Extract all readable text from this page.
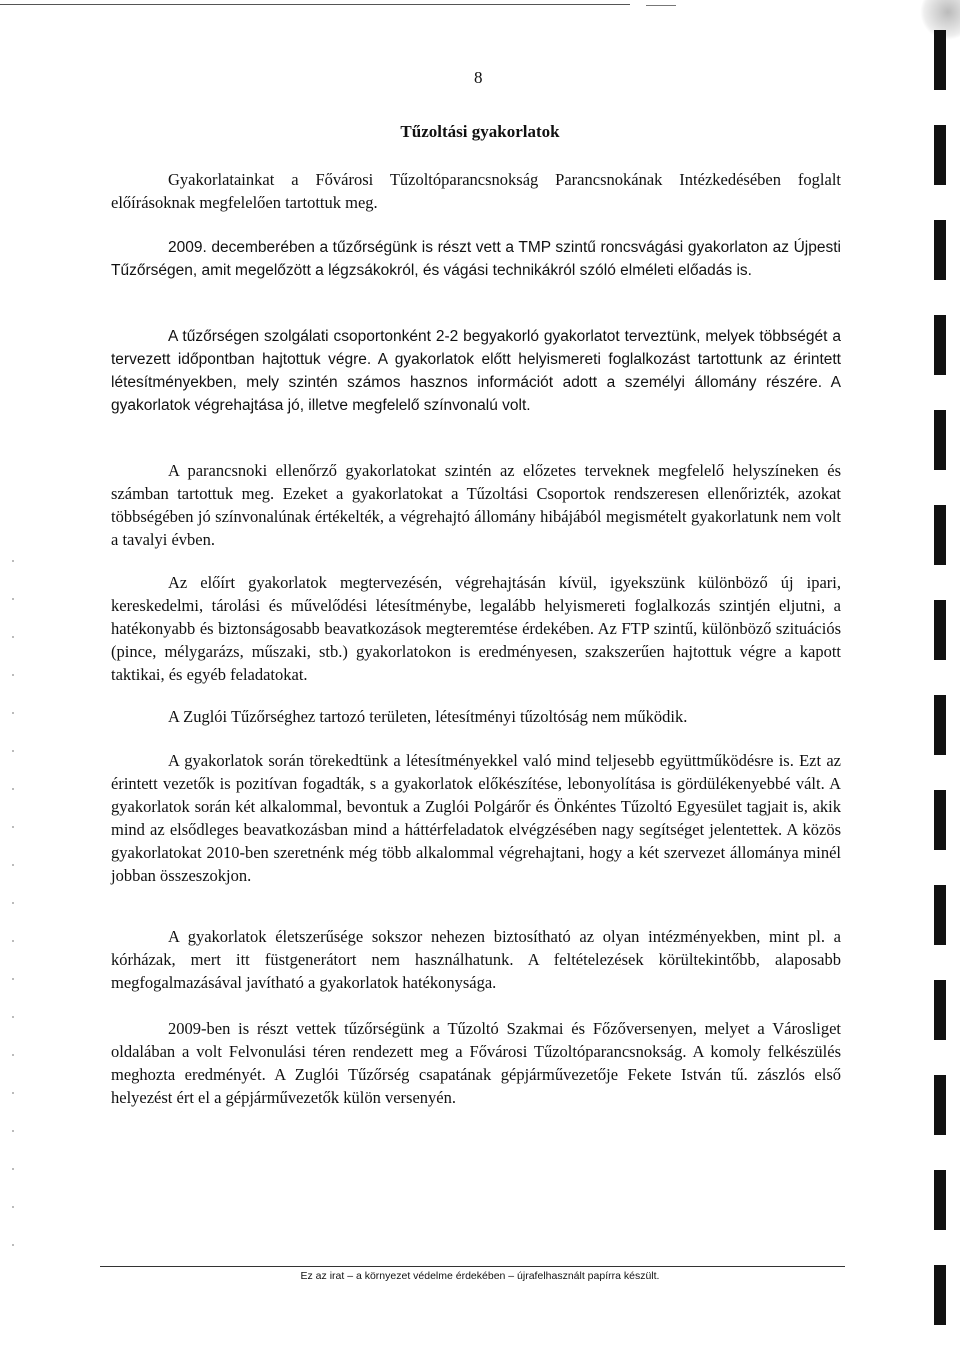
8
Tűzoltási gyakorlatok

Gyakorlatainkat a Fővárosi Tűzoltóparancsnokság Parancsnokának Intézkedésében foglalt előírásoknak megfelelően tartottuk meg.

2009. decemberében a tűzőrségünk is részt vett a TMP szintű roncsvágási gyakorlaton az Újpesti Tűzőrségen, amit megelőzött a légzsákokról, és vágási technikákról szóló elméleti előadás is.

A tűzőrségen szolgálati csoportonként 2-2 begyakorló gyakorlatot terveztünk, melyek többségét a tervezett időpontban hajtottuk végre. A gyakorlatok előtt helyismereti foglalkozást tartottunk az érintett létesítményekben, mely szintén számos hasznos információt adott a személyi állomány részére. A gyakorlatok végrehajtása jó, illetve megfelelő színvonalú volt.

A parancsnoki ellenőrző gyakorlatokat szintén az előzetes terveknek megfelelő helyszíneken és számban tartottuk meg. Ezeket a gyakorlatokat a Tűzoltási Csoportok rendszeresen ellenőrizték, azokat többségében jó színvonalúnak értékelték, a végrehajtó állomány hibájából megismételt gyakorlatunk nem volt a tavalyi évben.

Az előírt gyakorlatok megtervezésén, végrehajtásán kívül, igyekszünk különböző új ipari, kereskedelmi, tárolási és művelődési létesítménybe, legalább helyismereti foglalkozás szintjén eljutni, a hatékonyabb és biztonságosabb beavatkozások megteremtése érdekében. Az FTP szintű, különböző szituációs (pince, mélygarázs, műszaki, stb.) gyakorlatokon is eredményesen, szakszerűen hajtottuk végre a kapott taktikai, és egyéb feladatokat.

A Zuglói Tűzőrséghez tartozó területen, létesítményi tűzoltóság nem működik.

A gyakorlatok során törekedtünk a létesítményekkel való mind teljesebb együttműködésre is. Ezt az érintett vezetők is pozitívan fogadták, s a gyakorlatok előkészítése, lebonyolítása is gördülékenyebbé vált. A gyakorlatok során két alkalommal, bevontuk a Zuglói Polgárőr és Önkéntes Tűzoltó Egyesület tagjait is, akik mind az elsődleges beavatkozásban mind a háttérfeladatok elvégzésében nagy segítséget jelentettek. A közös gyakorlatokat 2010-ben szeretnénk még több alkalommal végrehajtani, hogy a két szervezet állománya minél jobban összeszokjon.

A gyakorlatok életszerűsége sokszor nehezen biztosítható az olyan intézményekben, mint pl. a kórházak, mert itt füstgenerátort nem használhatunk. A feltételezések körültekintőbb, alaposabb megfogalmazásával javítható a gyakorlatok hatékonysága.

2009-ben is részt vettek tűzőrségünk a Tűzoltó Szakmai és Főzőversenyen, melyet a Városliget oldalában a volt Felvonulási téren rendezett meg a Fővárosi Tűzoltóparancsnokság. A komoly felkészülés meghozta eredményét. A Zuglói Tűzőrség csapatának gépjárművezetője Fekete István tű. zászlós első helyezést ért el a gépjárművezetők külön versenyén.

Ez az irat – a környezet védelme érdekében – újrafelhasznált papírra készült.
